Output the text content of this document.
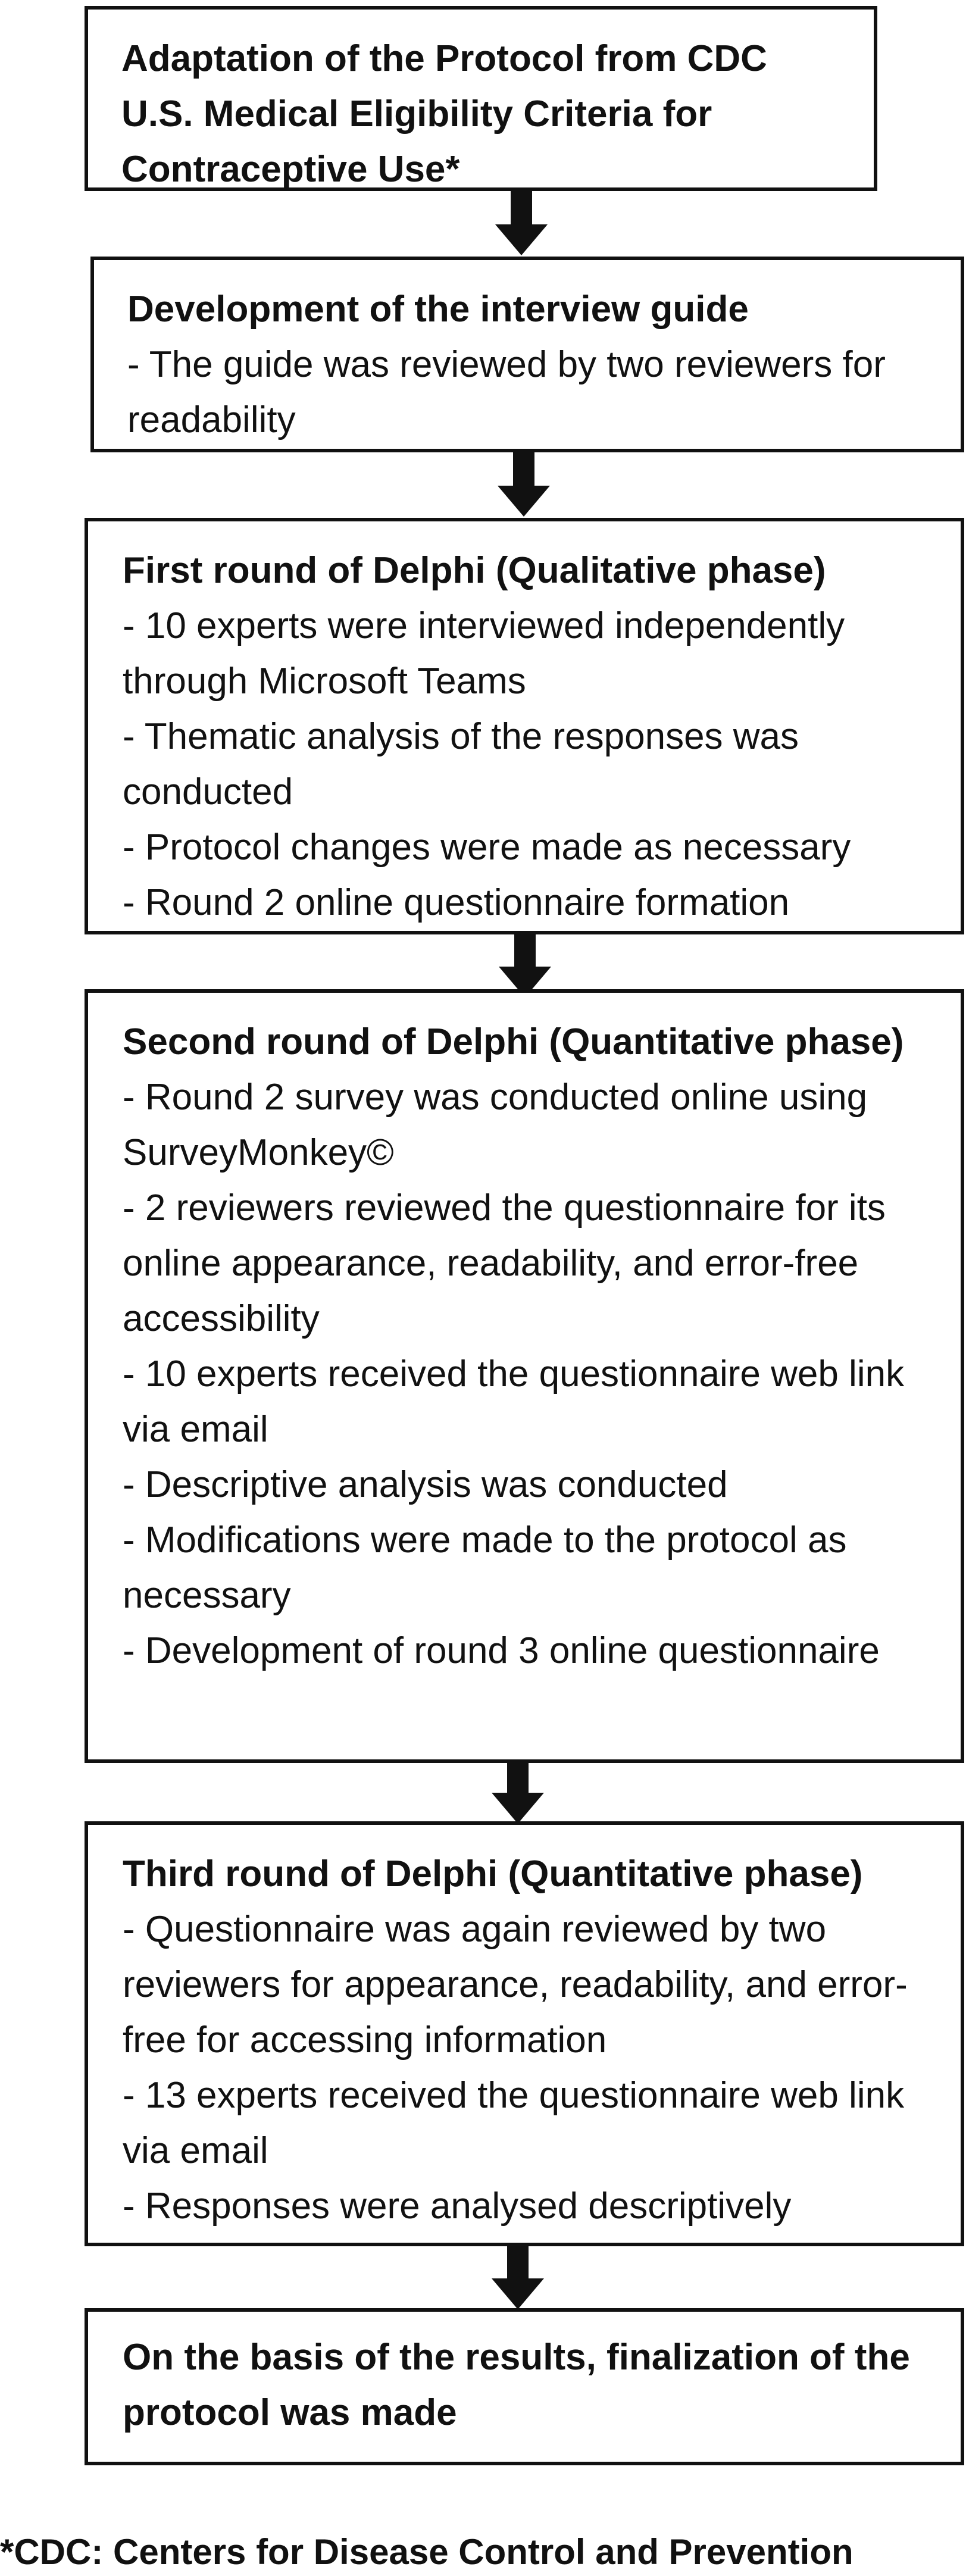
Adaptation of the Protocol from CDC U.S. Medical Eligibility Criteria for Contraceptive Use*
Development of the interview guide
- The guide was reviewed by two reviewers for readability
First round of Delphi (Qualitative phase)
- 10 experts were interviewed independently through Microsoft Teams
- Thematic analysis of the responses was conducted
- Protocol changes were made as necessary
- Round 2 online questionnaire formation
Second round of Delphi (Quantitative phase)
- Round 2 survey was conducted online using SurveyMonkey©
- 2 reviewers reviewed the questionnaire for its online appearance, readability, and error-free accessibility
- 10 experts received the questionnaire web link via email
- Descriptive analysis was conducted
- Modifications were made to the protocol as necessary
- Development of round 3 online questionnaire
Third round of Delphi (Quantitative phase)
- Questionnaire was again reviewed by two reviewers for appearance, readability, and error-free for accessing information
- 13 experts received the questionnaire web link via email
- Responses were analysed descriptively
On the basis of the results, finalization of the protocol was made
*CDC: Centers for Disease Control and Prevention
